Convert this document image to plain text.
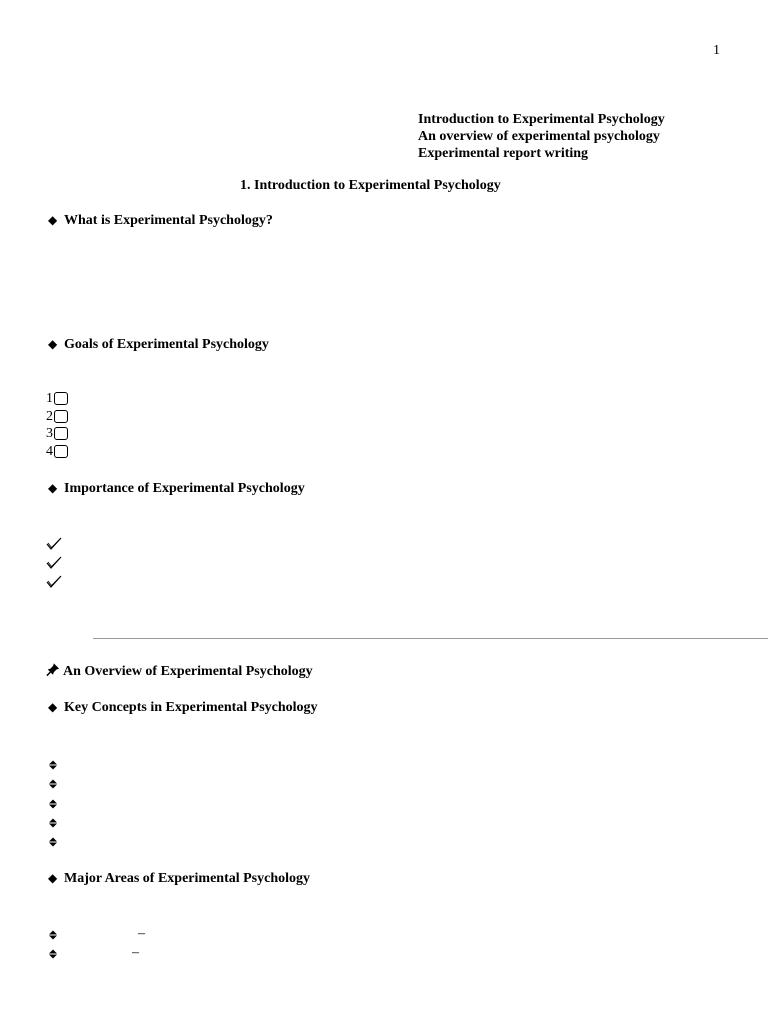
1
Introduction to Experimental Psychology
An overview of experimental psychology
Experimental report writing
1. Introduction to Experimental Psychology
◆ What is Experimental Psychology?
◆ Goals of Experimental Psychology
1
2
3
4
◆ Importance of Experimental Psychology
An Overview of Experimental Psychology
◆ Key Concepts in Experimental Psychology
◆ Major Areas of Experimental Psychology
–
–
